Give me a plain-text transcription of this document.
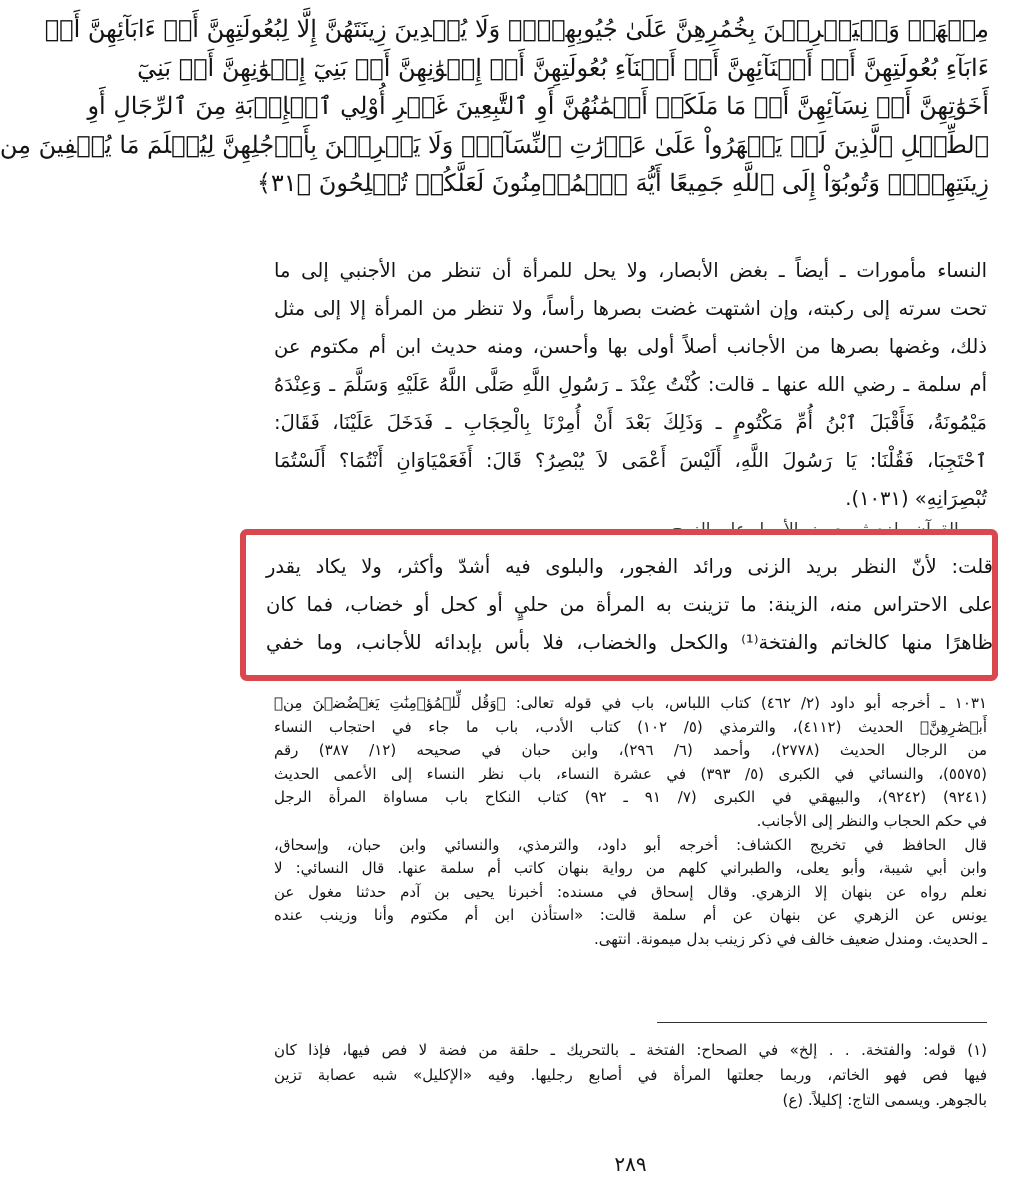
مِنۡهَاۖ وَلۡيَضۡرِبۡنَ بِخُمُرِهِنَّ عَلَىٰ جُيُوبِهِنَّۖ وَلَا يُبۡدِينَ زِينَتَهُنَّ إِلَّا لِبُعُولَتِهِنَّ أَوۡ ءَابَآئِهِنَّ أَوۡ
ءَابَآءِ بُعُولَتِهِنَّ أَوۡ أَبۡنَآئِهِنَّ أَوۡ أَبۡنَآءِ بُعُولَتِهِنَّ أَوۡ إِخۡوَٰنِهِنَّ أَوۡ بَنِيٓ إِخۡوَٰنِهِنَّ أَوۡ بَنِيٓ
أَخَوَٰتِهِنَّ أَوۡ نِسَآئِهِنَّ أَوۡ مَا مَلَكَتۡ أَيۡمَٰنُهُنَّ أَوِ ٱلتَّٰبِعِينَ غَيۡرِ أُوْلِي ٱلۡإِرۡبَةِ مِنَ ٱلرِّجَالِ أَوِ
ٱلطِّفۡلِ ٱلَّذِينَ لَمۡ يَظۡهَرُواْ عَلَىٰ عَوۡرَٰتِ ٱلنِّسَآءِۖ وَلَا يَضۡرِبۡنَ بِأَرۡجُلِهِنَّ لِيُعۡلَمَ مَا يُخۡفِينَ مِن
زِينَتِهِنَّۚ وَتُوبُوٓاْ إِلَى ٱللَّهِ جَمِيعًا أَيُّهَ ٱلۡمُؤۡمِنُونَ لَعَلَّكُمۡ تُفۡلِحُونَ ﴿٣١﴾
النساء مأمورات ـ أيضاً ـ بغض الأبصار، ولا يحل للمرأة أن تنظر من الأجنبي إلى ما
تحت سرته إلى ركبته، وإن اشتهت غضت بصرها رأساً، ولا تنظر من المرأة إلا إلى مثل
ذلك، وغضها بصرها من الأجانب أصلاً أولى بها وأحسن، ومنه حديث ابن أم مكتوم عن
أم سلمة ـ رضي الله عنها ـ قالت: كُنْتُ عِنْدَ ـ رَسُولِ اللَّهِ صَلَّى اللَّهُ عَلَيْهِ وَسَلَّمَ ـ وَعِنْدَهُ
مَيْمُونَةُ، فَأَقْبَلَ ٱبْنُ أُمِّ مَكْتُومٍ ـ وَذَلِكَ بَعْدَ أَنْ أُمِرْنَا بِالْحِجَابِ ـ فَدَخَلَ عَلَيْنَا، فَقَالَ:
ٱحْتَجِبَا، فَقُلْنَا: يَا رَسُولَ اللَّهِ، أَلَيْسَ أَعْمَى لاَ يُبْصِرُ؟ قَالَ: أَفَعَمْيَاوَانِ أَنْتُمَا؟ أَلَسْتُمَا
تُبْصِرَانِهِ» (١٠٣١).
قلت: لأنّ النظر بريد الزنى ورائد الفجور، والبلوى فيه أشدّ وأكثر، ولا يكاد يقدر
على الاحتراس منه، الزينة: ما تزينت به المرأة من حليٍ أو كحل أو خضاب، فما كان
ظاهرًا منها كالخاتم والفتخة⁽¹⁾ والكحل والخضاب، فلا بأس بإبدائه للأجانب، وما خفي
١٠٣١ ـ أخرجه أبو داود (٢/ ٤٦٢) كتاب اللباس، باب في قوله تعالى: ﴿وَقُل لِّلۡمُؤۡمِنَٰتِ يَغۡضُضۡنَ مِنۡ
أَبۡصَٰرِهِنَّ﴾ الحديث (٤١١٢)، والترمذي (٥/ ١٠٢) كتاب الأدب، باب ما جاء في احتجاب النساء
من الرجال الحديث (٢٧٧٨)، وأحمد (٦/ ٢٩٦)، وابن حبان في صحيحه (١٢/ ٣٨٧) رقم
(٥٥٧٥)، والنسائي في الكبرى (٥/ ٣٩٣) في عشرة النساء، باب نظر النساء إلى الأعمى الحديث
(٩٢٤١) (٩٢٤٢)، والبيهقي في الكبرى (٧/ ٩١ ـ ٩٢) كتاب النكاح باب مساواة المرأة الرجل
في حكم الحجاب والنظر إلى الأجانب.
قال الحافظ في تخريج الكشاف: أخرجه أبو داود، والترمذي، والنسائي وابن حبان، وإسحاق،
وابن أبي شيبة، وأبو يعلى، والطبراني كلهم من رواية بنهان كاتب أم سلمة عنها. قال النسائي: لا
نعلم رواه عن بنهان إلا الزهري. وقال إسحاق في مسنده: أخبرنا يحيى بن آدم حدثنا مغول عن
يونس عن الزهري عن بنهان عن أم سلمة قالت: «استأذن ابن أم مكتوم وأنا وزينب عنده
ـ الحديث. ومندل ضعيف خالف في ذكر زينب بدل ميمونة. انتهى.
(١) قوله: والفتخة. . . إلخ» في الصحاح: الفتخة ـ بالتحريك ـ حلقة من فضة لا فص فيها، فإذا كان
فيها فص فهو الخاتم، وربما جعلتها المرأة في أصابع رجليها. وفيه «الإكليل» شبه عصابة تزين
بالجوهر. ويسمى التاج: إكليلاً. (ع)
٢٨٩
